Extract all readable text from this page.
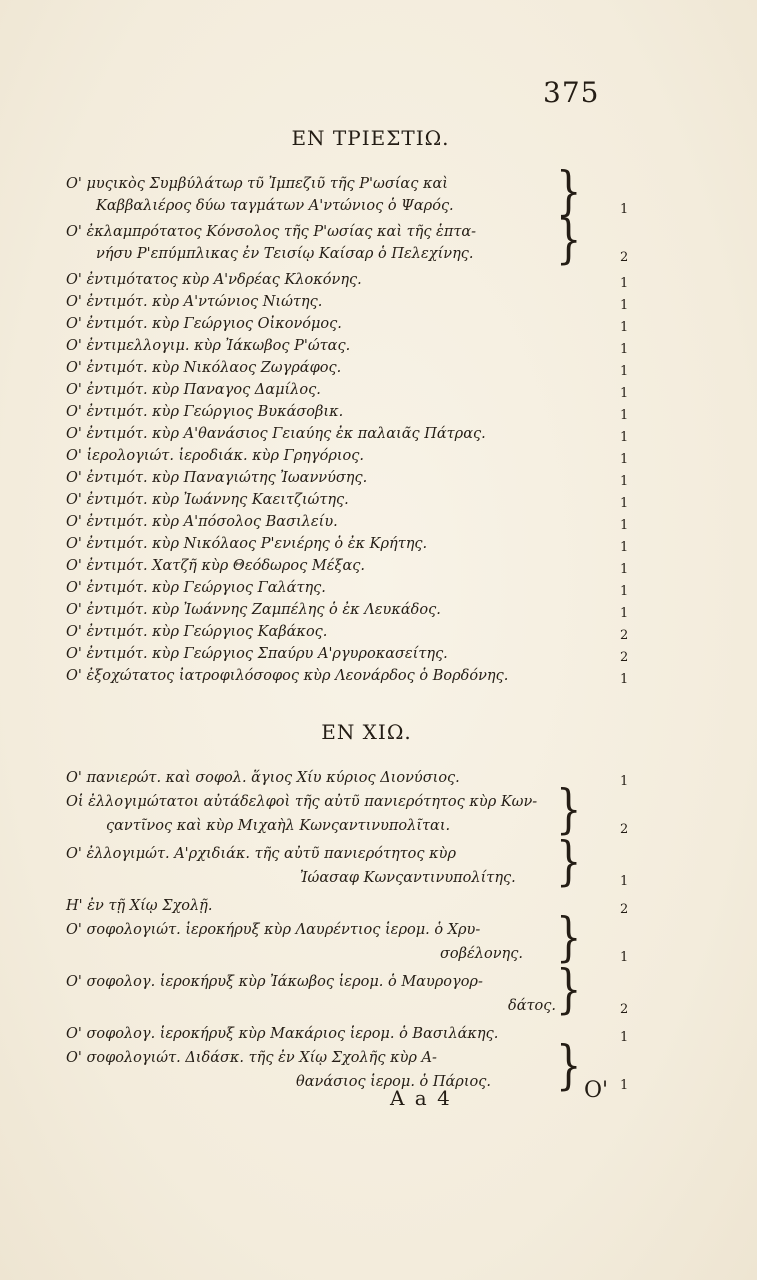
375
ΕΝ ΤΡΙΕΣΤΙΩ.
Ο' μυςικὸς Συμβύλάτωρ τῦ Ἰμπεζιῦ τῆς Ρ'ωσίας καὶ
Καββαλιέρος δύω ταγμάτων Α'ντώνιος ὁ Ψαρός.	}	1
Ο' ἐκλαμπρότατος Κόνσολος τῆς Ρ'ωσίας καὶ τῆς ἑπτα-
νήσυ Ρ'επύμπλικας ἐν Τεισίῳ Καίσαρ ὁ Πελεχίνης.	}	2
Ο' ἐντιμότατος κὺρ Α'νδρέας Κλοκόνης.	1
Ο' ἐντιμότ. κὺρ Α'ντώνιος Νιώτης.	1
Ο' ἐντιμότ. κὺρ Γεώργιος Οἰκονόμος.	1
Ο' ἐντιμελλογιμ. κὺρ Ἰάκωβος Ρ'ώτας.	1
Ο' ἐντιμότ. κὺρ Νικόλαος Ζωγράφος.	1
Ο' ἐντιμότ. κὺρ Παναγος Δαμίλος.	1
Ο' ἐντιμότ. κὺρ Γεώργιος Βυκάσοβικ.	1
Ο' ἐντιμότ. κὺρ Α'θανάσιος Γειαύης ἐκ παλαιᾶς Πάτρας.	1
Ο' ἱερολογιώτ. ἱεροδιάκ. κὺρ Γρηγόριος.	1
Ο' ἐντιμότ. κὺρ Παναγιώτης Ἰωαννύσης.	1
Ο' ἐντιμότ. κὺρ Ἰωάννης Καειτζιώτης.	1
Ο' ἐντιμότ. κὺρ Α'πόσολος Βασιλείυ.	1
Ο' ἐντιμότ. κὺρ Νικόλαος Ρ'ενιέρης ὁ ἐκ Κρήτης.	1
Ο' ἐντιμότ. Χατζῆ κὺρ Θεόδωρος Μέξας.	1
Ο' ἐντιμότ. κὺρ Γεώργιος Γαλάτης.	1
Ο' ἐντιμότ. κὺρ Ἰωάννης Ζαμπέλης ὁ ἐκ Λευκάδος.	1
Ο' ἐντιμότ. κὺρ Γεώργιος Καβάκος.	2
Ο' ἐντιμότ. κὺρ Γεώργιος Σπαύρυ Α'ργυροκασείτης.	2
Ο' ἐξοχώτατος ἰατροφιλόσοφος κὺρ Λεονάρδος ὁ Βορδόνης.	1
ΕΝ ΧΙΩ.
Ο' πανιερώτ. καὶ σοφολ. ἅγιος Χίυ κύριος Διονύσιος.	1
Οἱ ἐλλογιμώτατοι αὐτάδελφοὶ τῆς αὐτῦ πανιερότητος κὺρ Κων-
ςαντῖνος καὶ κὺρ Μιχαὴλ Κωνςαντινυπολῖται.	}	2
Ο' ἐλλογιμώτ. Α'ρχιδιάκ. τῆς αὐτῦ πανιερότητος κὺρ
Ἰώασαφ Κωνςαντινυπολίτης.	}	1
Η' ἐν τῇ Χίῳ Σχολῇ.	2
Ο' σοφολογιώτ. ἱεροκήρυξ κὺρ Λαυρέντιος ἱερομ. ὁ Χρυ-
σοβέλονης. }	1
Ο' σοφολογ. ἱεροκήρυξ κὺρ Ἰάκωβος ἱερομ. ὁ Μαυρογορ-
δάτος. }	2
Ο' σοφολογ. ἱεροκήρυξ κὺρ Μακάριος ἱερομ. ὁ Βασιλάκης.	1
Ο' σοφολογιώτ. Διδάσκ. τῆς ἐν Χίῳ Σχολῆς κὺρ Α-
θανάσιος ἱερομ. ὁ Πάριος.	}	1
Α a 4	Ο'
